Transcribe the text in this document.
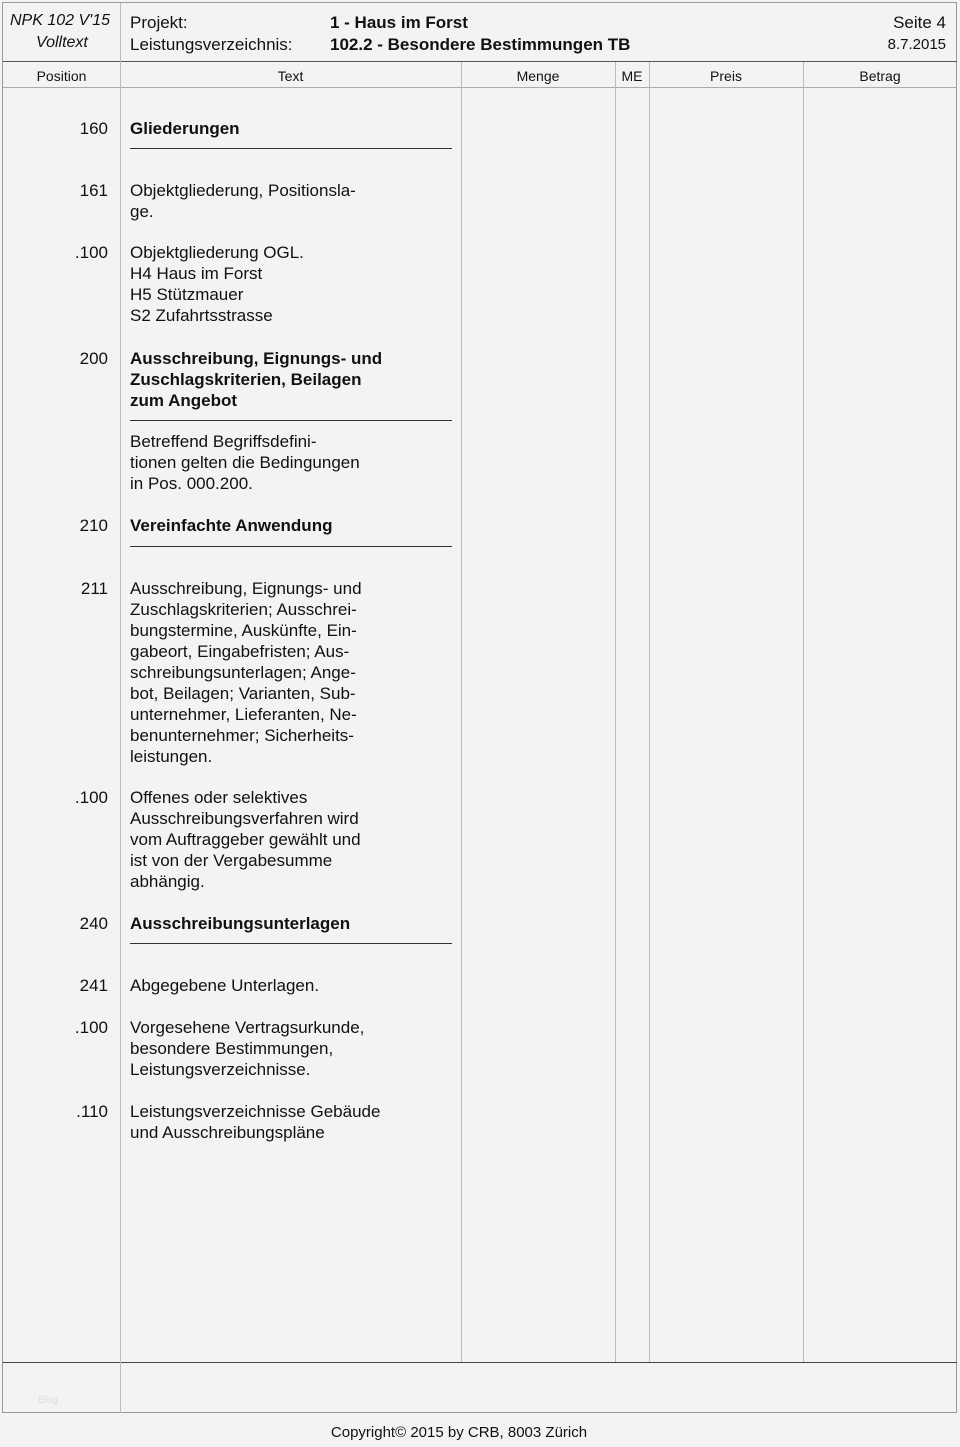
NPK 102 V'15
Volltext
Projekt:
Leistungsverzeichnis:
1 - Haus im Forst
102.2 - Besondere Bestimmungen TB
Seite 4
8.7.2015
Position	Text	Menge	ME	Preis	Betrag
160 Gliederungen
161 Objektgliederung, Positionsla-
ge.
.100 Objektgliederung OGL.
H4 Haus im Forst
H5 Stützmauer
S2 Zufahrtsstrasse
200 Ausschreibung, Eignungs- und
Zuschlagskriterien, Beilagen
zum Angebot
Betreffend Begriffsdefini-
tionen gelten die Bedingungen
in Pos. 000.200.
210 Vereinfachte Anwendung
211 Ausschreibung, Eignungs- und
Zuschlagskriterien; Ausschrei-
bungstermine, Auskünfte, Ein-
gabeort, Eingabefristen; Aus-
schreibungsunterlagen; Ange-
bot, Beilagen; Varianten, Sub-
unternehmer, Lieferanten, Ne-
benunternehmer; Sicherheits-
leistungen.
.100 Offenes oder selektives
Ausschreibungsverfahren wird
vom Auftraggeber gewählt und
ist von der Vergabesumme
abhängig.
240 Ausschreibungsunterlagen
241 Abgegebene Unterlagen.
.100 Vorgesehene Vertragsurkunde,
besondere Bestimmungen,
Leistungsverzeichnisse.
.110 Leistungsverzeichnisse Gebäude
und Ausschreibungspläne
Blog
Copyright© 2015 by CRB, 8003 Zürich
